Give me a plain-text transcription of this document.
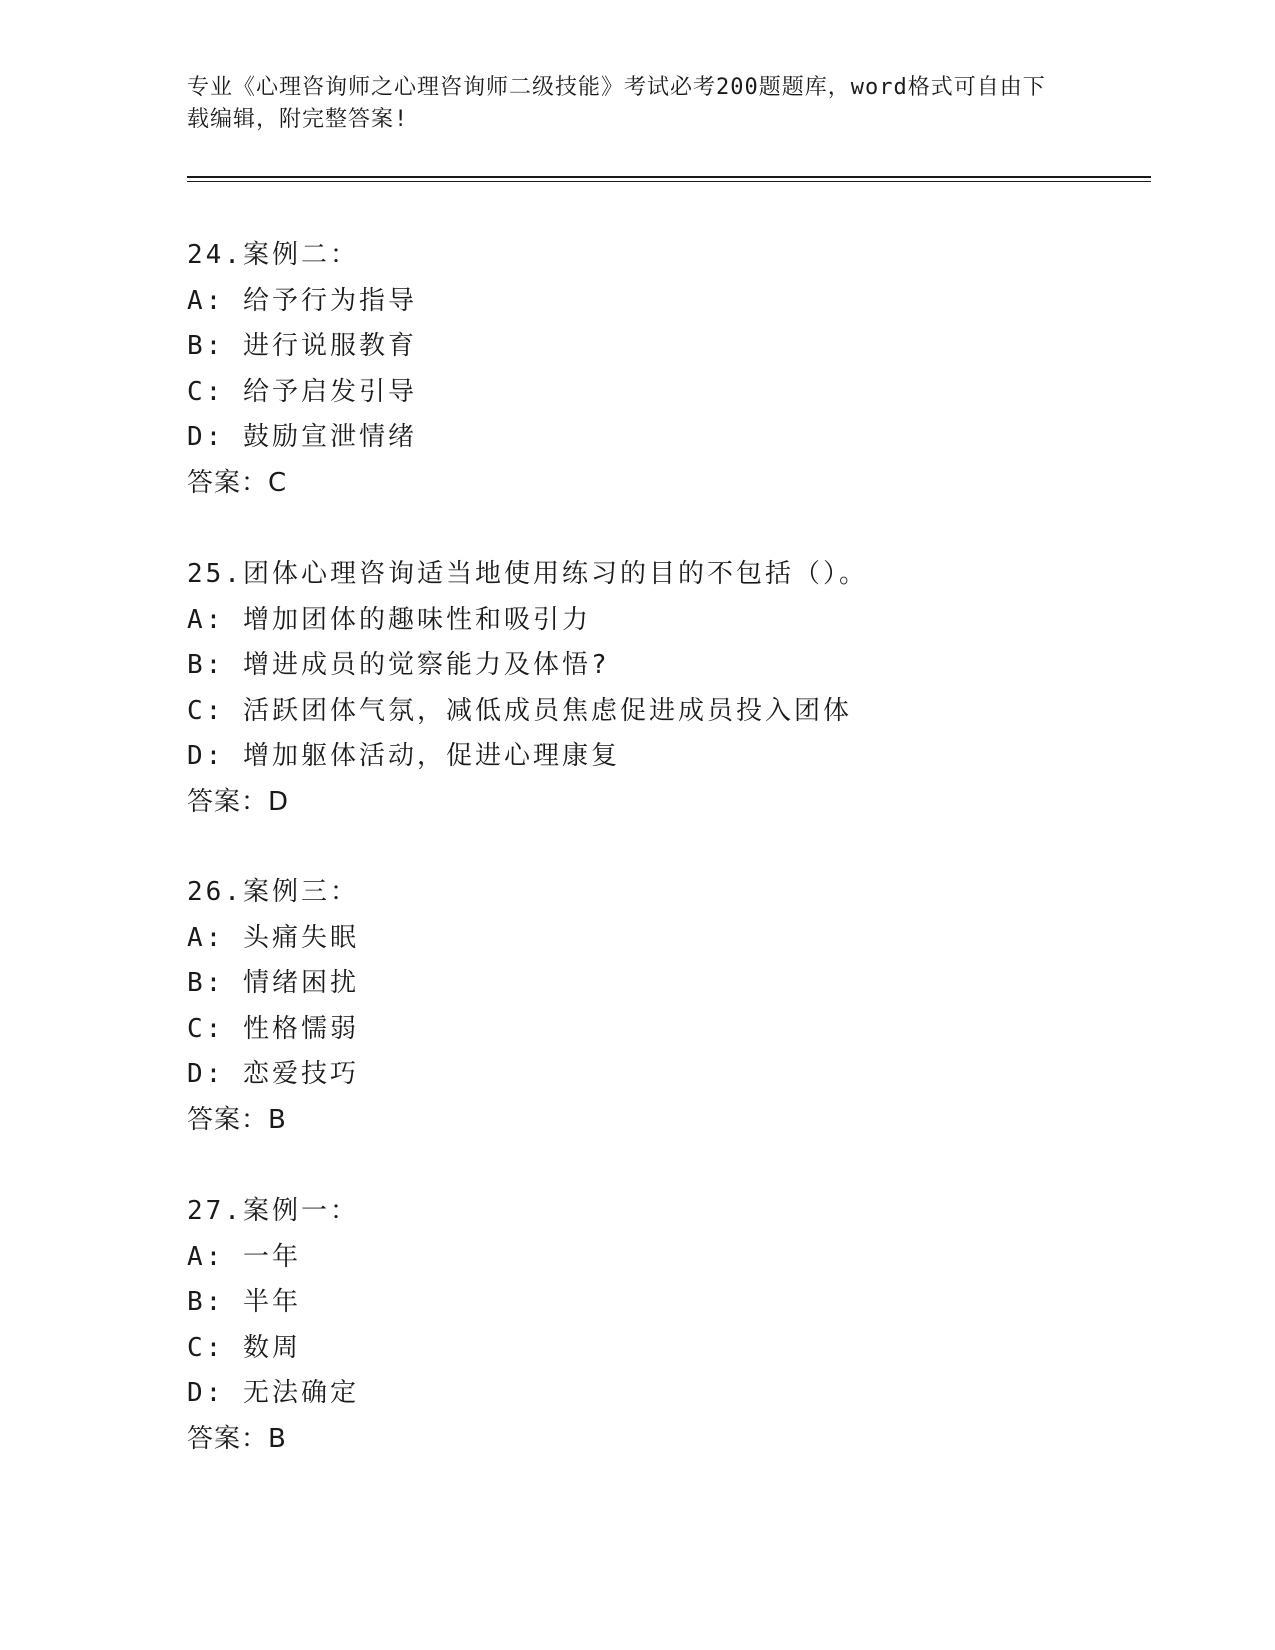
专业《心理咨询师之心理咨询师二级技能》考试必考200题题库，word格式可自由下载编辑，附完整答案!

24.案例二：
A: 给予行为指导
B: 进行说服教育
C: 给予启发引导
D: 鼓励宣泄情绪
答案：C
25.团体心理咨询适当地使用练习的目的不包括（）。
A: 增加团体的趣味性和吸引力
B: 增进成员的觉察能力及体悟?
C: 活跃团体气氛，减低成员焦虑促进成员投入团体
D: 增加躯体活动，促进心理康复
答案：D
26.案例三：
A: 头痛失眠
B: 情绪困扰
C: 性格懦弱
D: 恋爱技巧
答案：B
27.案例一：
A: 一年
B: 半年
C: 数周
D: 无法确定
答案：B
